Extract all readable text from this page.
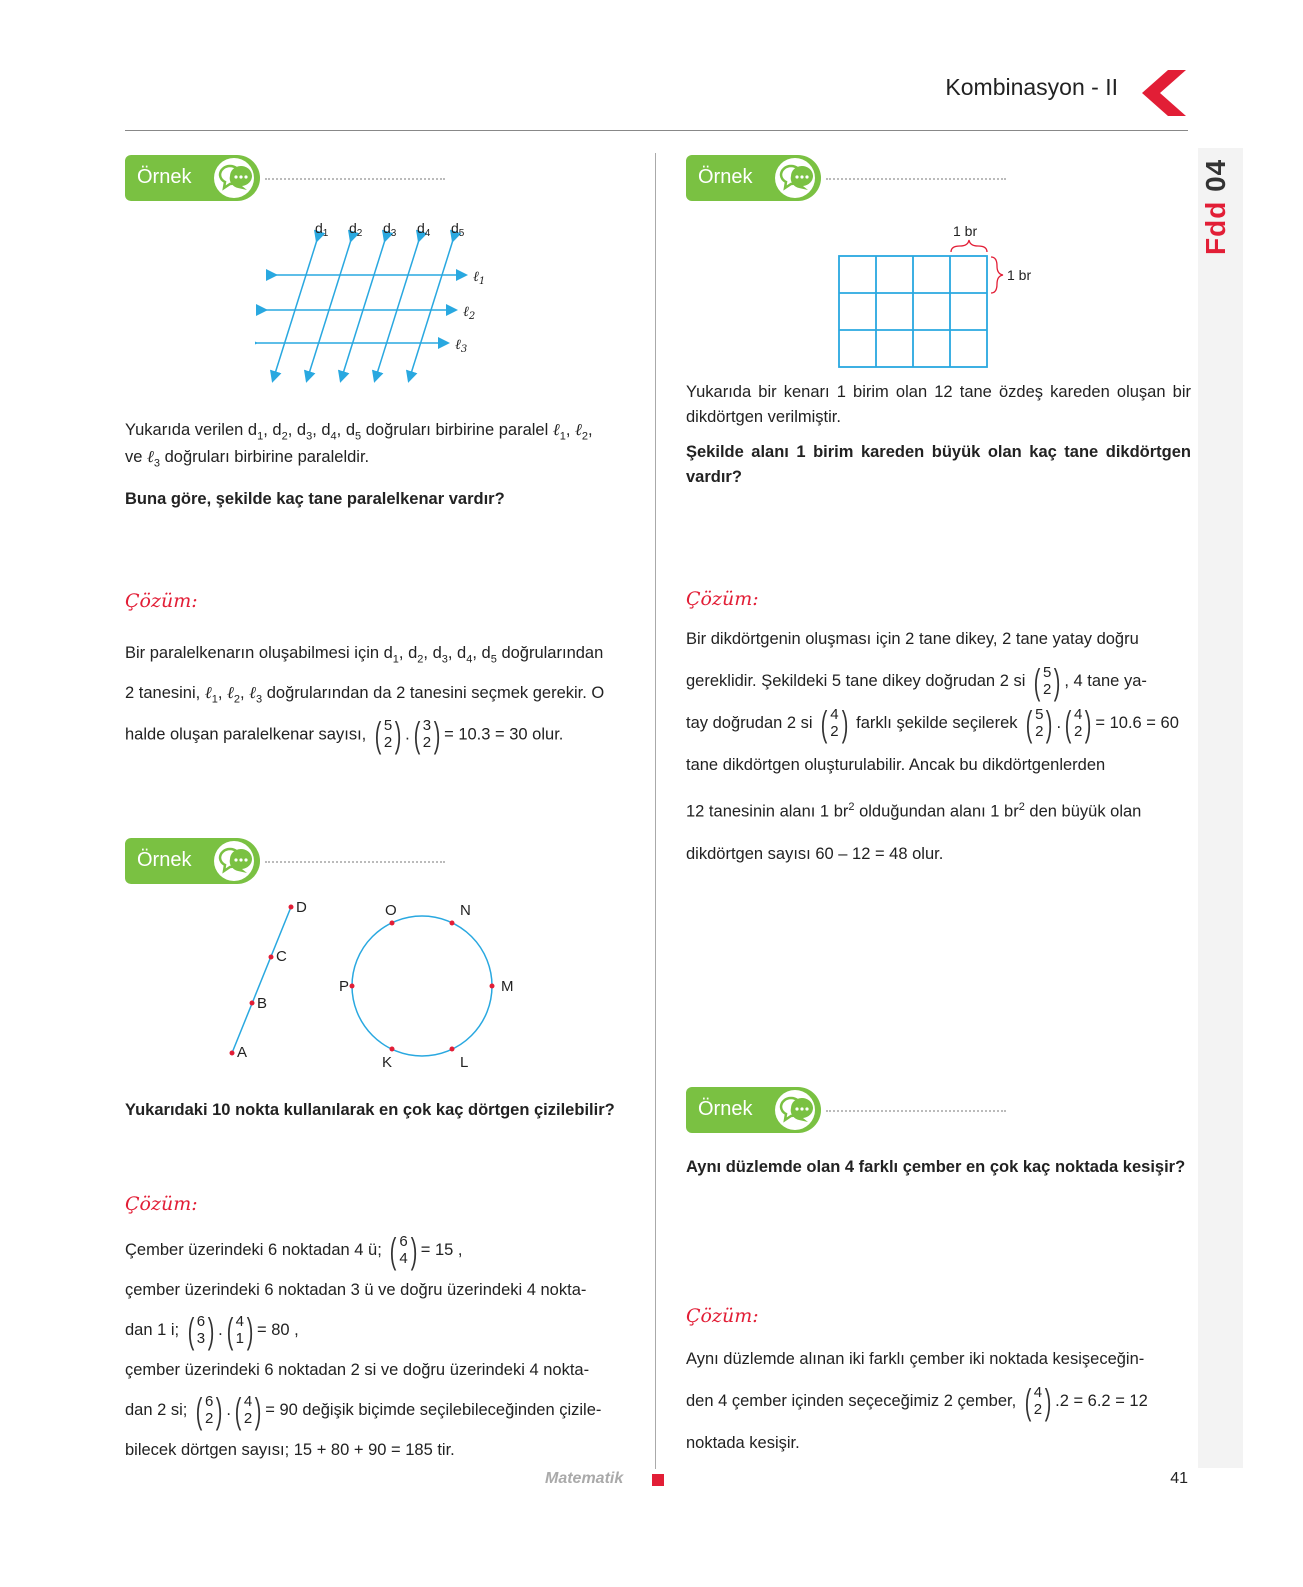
Kombinasyon - II
Fdd 04
Örnek
$d_1$ $d_2$ $d_3$ $d_4$ $d_5$
ℓ$_1$
ℓ$_2$
ℓ$_3$
Yukarıda verilen $d_1$, $d_2$, $d_3$, $d_4$, $d_5$ doğruları birbirine paralel ℓ$_1$, ℓ$_2$,
ve ℓ$_3$ doğruları birbirine paraleldir.
Buna göre, şekilde kaç tane paralelkenar vardır?
Çözüm:
Bir paralelkenarın oluşabilmesi için $d_1$, $d_2$, $d_3$, $d_4$, $d_5$ doğrularından
2 tanesini, ℓ$_1$, ℓ$_2$, ℓ$_3$ doğrularından da 2 tanesini seçmek gerekir. O
halde oluşan paralelkenar sayısı, ( 5
2 ) . ( 3
2 ) = 10.3 = 30 olur.
Örnek
D
C
B
A
O	N
M
L
K
P
Yukarıdaki 10 nokta kullanılarak en çok kaç dörtgen çizilebilir?
Çözüm:
Çember üzerindeki 6 noktadan 4 ü; ( 6
4 ) = 15 ,
çember üzerindeki 6 noktadan 3 ü ve doğru üzerindeki 4 nokta-
dan 1 i; ( 6
3 ) . ( 4
1 ) = 80 ,
çember üzerindeki 6 noktadan 2 si ve doğru üzerindeki 4 nokta-
dan 2 si; ( 6
2 ) . ( 4
2 ) = 90 değişik biçimde seçilebileceğinden çizile-
bilecek dörtgen sayısı; 15 + 80 + 90 = 185 tir.
Örnek
1 br
1 br
Yukarıda bir kenarı 1 birim olan 12 tane özdeş kareden oluşan bir dikdörtgen verilmiştir.
Şekilde alanı 1 birim kareden büyük olan kaç tane dikdörtgen vardır?
Çözüm:
Bir dikdörtgenin oluşması için 2 tane dikey, 2 tane yatay doğru
gereklidir. Şekildeki 5 tane dikey doğrudan 2 si ( 5
2 ) , 4 tane ya-
tay doğrudan 2 si ( 4
2 ) farklı şekilde seçilerek ( 5
2 ) . ( 4
2 ) = 10.6 = 60
tane dikdörtgen oluşturulabilir. Ancak bu dikdörtgenlerden
12 tanesinin alanı 1 $br^2$ olduğundan alanı 1 $br^2$ den büyük olan
dikdörtgen sayısı 60 – 12 = 48 olur.
Örnek
Aynı düzlemde olan 4 farklı çember en çok kaç noktada kesişir?
Çözüm:
Aynı düzlemde alınan iki farklı çember iki noktada kesişeceğin-
den 4 çember içinden seçeceğimiz 2 çember, ( 4
2 ) .2 = 6.2 = 12
noktada kesişir.
Matematik	41
